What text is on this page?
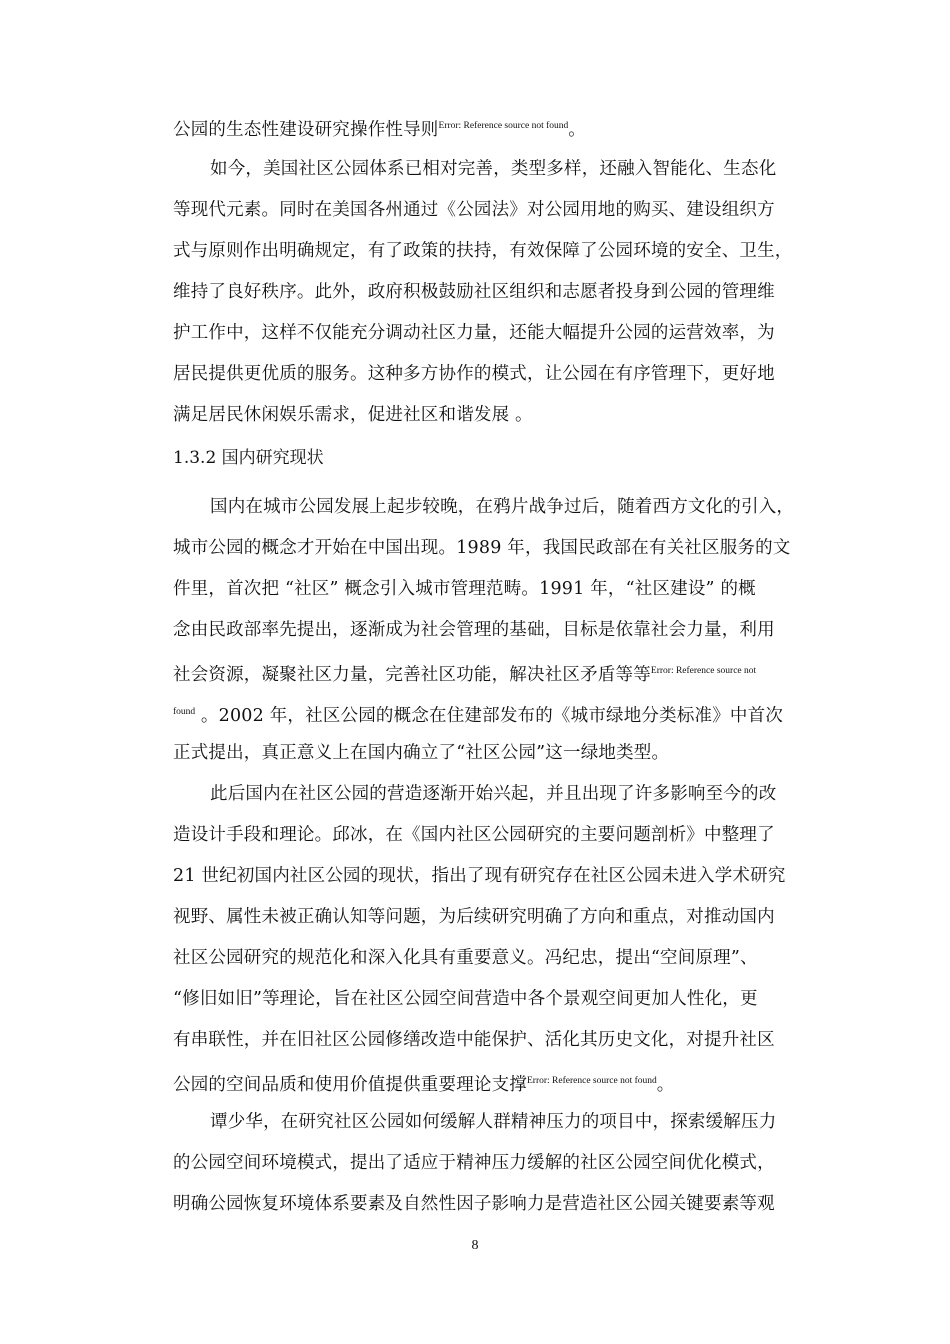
公园的生态性建设研究操作性导则$^{Error: Reference source not found}$。
如今，美国社区公园体系已相对完善，类型多样，还融入智能化、生态化
等现代元素。同时在美国各州通过《公园法》对公园用地的购买、建设组织方
式与原则作出明确规定，有了政策的扶持，有效保障了公园环境的安全、卫生，
维持了良好秩序。此外，政府积极鼓励社区组织和志愿者投身到公园的管理维
护工作中，这样不仅能充分调动社区力量，还能大幅提升公园的运营效率，为
居民提供更优质的服务。这种多方协作的模式，让公园在有序管理下，更好地
满足居民休闲娱乐需求，促进社区和谐发展 。
1.3.2 国内研究现状
国内在城市公园发展上起步较晚，在鸦片战争过后，随着西方文化的引入，
城市公园的概念才开始在中国出现。1989 年，我国民政部在有关社区服务的文
件里，首次把 “社区” 概念引入城市管理范畴。1991 年，“社区建设” 的概
念由民政部率先提出，逐渐成为社会管理的基础，目标是依靠社会力量，利用
社会资源，凝聚社区力量，完善社区功能，解决社区矛盾等等$^{Error: Reference source not}$
$^{found}$ 。2002 年，社区公园的概念在住建部发布的《城市绿地分类标准》中首次
正式提出，真正意义上在国内确立了“社区公园”这一绿地类型。
此后国内在社区公园的营造逐渐开始兴起，并且出现了许多影响至今的改
造设计手段和理论。邱冰，在《国内社区公园研究的主要问题剖析》中整理了
21 世纪初国内社区公园的现状，指出了现有研究存在社区公园未进入学术研究
视野、属性未被正确认知等问题，为后续研究明确了方向和重点，对推动国内
社区公园研究的规范化和深入化具有重要意义。冯纪忠，提出“空间原理”、
“修旧如旧”等理论，旨在社区公园空间营造中各个景观空间更加人性化，更
有串联性，并在旧社区公园修缮改造中能保护、活化其历史文化，对提升社区
公园的空间品质和使用价值提供重要理论支撑$^{Error: Reference source not found}$。
谭少华，在研究社区公园如何缓解人群精神压力的项目中，探索缓解压力
的公园空间环境模式，提出了适应于精神压力缓解的社区公园空间优化模式，
明确公园恢复环境体系要素及自然性因子影响力是营造社区公园关键要素等观
8
